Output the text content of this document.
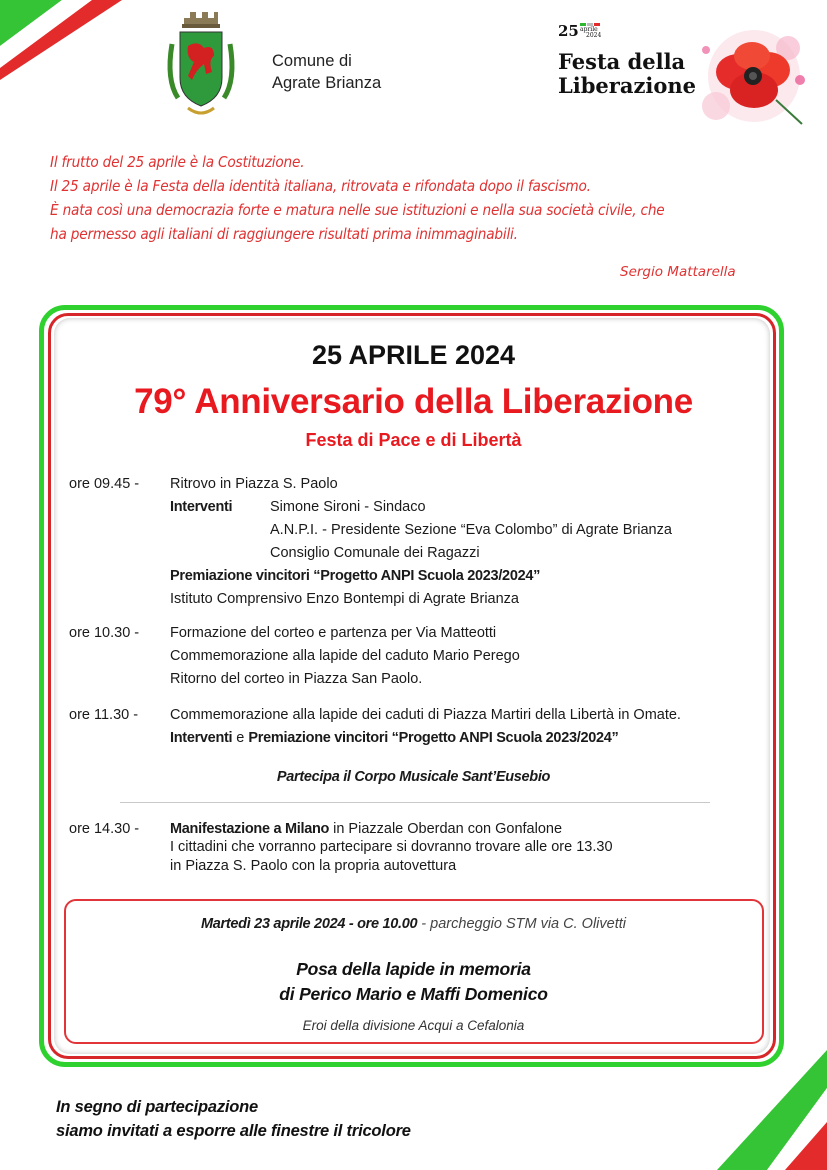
Comune di
Agrate Brianza
25 aprile
2024
Festa della
Liberazione
Il frutto del 25 aprile è la Costituzione.
Il 25 aprile è la Festa della identità italiana, ritrovata e rifondata dopo il fascismo.
È nata così una democrazia forte e matura nelle sue istituzioni e nella sua società civile, che
ha permesso agli italiani di raggiungere risultati prima inimmaginabili.
Sergio Mattarella
25 APRILE 2024
79° Anniversario della Liberazione
Festa di Pace e di Libertà
ore 09.45 - Ritrovo in Piazza S. Paolo
Interventi	Simone Sironi - Sindaco
A.N.P.I. - Presidente Sezione “Eva Colombo” di Agrate Brianza
Consiglio Comunale dei Ragazzi
Premiazione vincitori “Progetto ANPI Scuola 2023/2024”
Istituto Comprensivo Enzo Bontempi di Agrate Brianza
ore 10.30 - Formazione del corteo e partenza per Via Matteotti
Commemorazione alla lapide del caduto Mario Perego
Ritorno del corteo in Piazza San Paolo.
ore 11.30 - Commemorazione alla lapide dei caduti di Piazza Martiri della Libertà in Omate.
Interventi e Premiazione vincitori “Progetto ANPI Scuola 2023/2024”
Partecipa il Corpo Musicale Sant’Eusebio
ore 14.30 - Manifestazione a Milano in Piazzale Oberdan con Gonfalone
I cittadini che vorranno partecipare si dovranno trovare alle ore 13.30
in Piazza S. Paolo con la propria autovettura
Martedì 23 aprile 2024 - ore 10.00 - parcheggio STM via C. Olivetti
Posa della lapide in memoria
di Perico Mario e Maffi Domenico
Eroi della divisione Acqui a Cefalonia
In segno di partecipazione
siamo invitati a esporre alle finestre il tricolore
